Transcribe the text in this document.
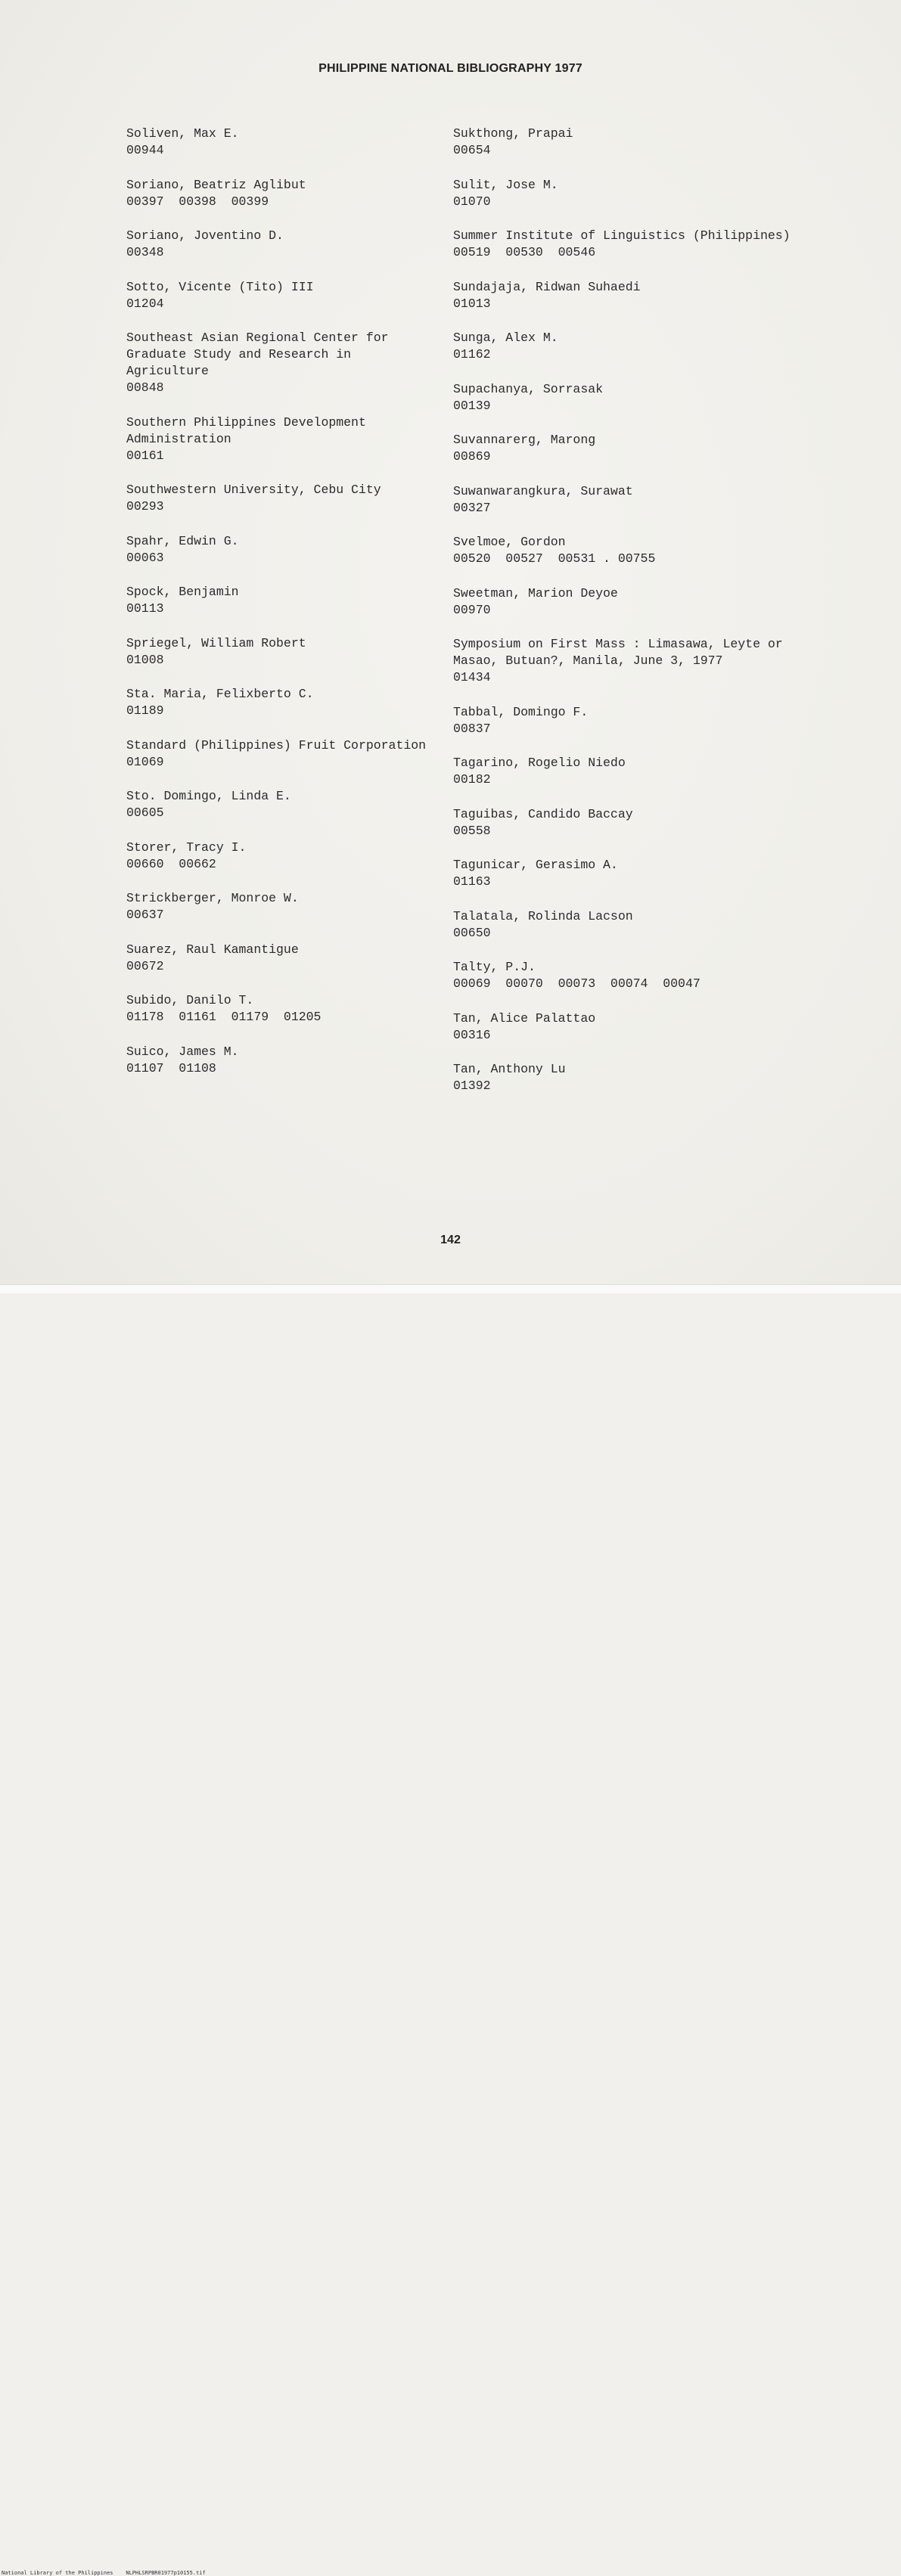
PHILIPPINE NATIONAL BIBLIOGRAPHY 1977
Soliven, Max E.
00944
Soriano, Beatriz Aglibut
00397  00398  00399
Soriano, Joventino D.
00348
Sotto, Vicente (Tito) III
01204
Southeast Asian Regional Center for Graduate Study and Research in Agriculture
00848
Southern Philippines Development Administration
00161
Southwestern University, Cebu City
00293
Spahr, Edwin G.
00063
Spock, Benjamin
00113
Spriegel, William Robert
01008
Sta. Maria, Felixberto C.
01189
Standard (Philippines) Fruit Corporation
01069
Sto. Domingo, Linda E.
00605
Storer, Tracy I.
00660  00662
Strickberger, Monroe W.
00637
Suarez, Raul Kamantigue
00672
Subido, Danilo T.
01178  01161  01179  01205
Suico, James M.
01107  01108
Sukthong, Prapai
00654
Sulit, Jose M.
01070
Summer Institute of Linguistics (Philippines)
00519  00530  00546
Sundajaja, Ridwan Suhaedi
01013
Sunga, Alex M.
01162
Supachanya, Sorrasak
00139
Suvannarerg, Marong
00869
Suwanwarangkura, Surawat
00327
Svelmoe, Gordon
00520  00527  00531 . 00755
Sweetman, Marion Deyoe
00970
Symposium on First Mass : Limasawa, Leyte or Masao, Butuan?, Manila, June 3, 1977
01434
Tabbal, Domingo F.
00837
Tagarino, Rogelio Niedo
00182
Taguibas, Candido Baccay
00558
Tagunicar, Gerasimo A.
01163
Talatala, Rolinda Lacson
00650
Talty, P.J.
00069  00070  00073  00074  00047
Tan, Alice Palattao
00316
Tan, Anthony Lu
01392
142
National Library of the Philippines    NLPHLSRPBR01977p10155.tif
